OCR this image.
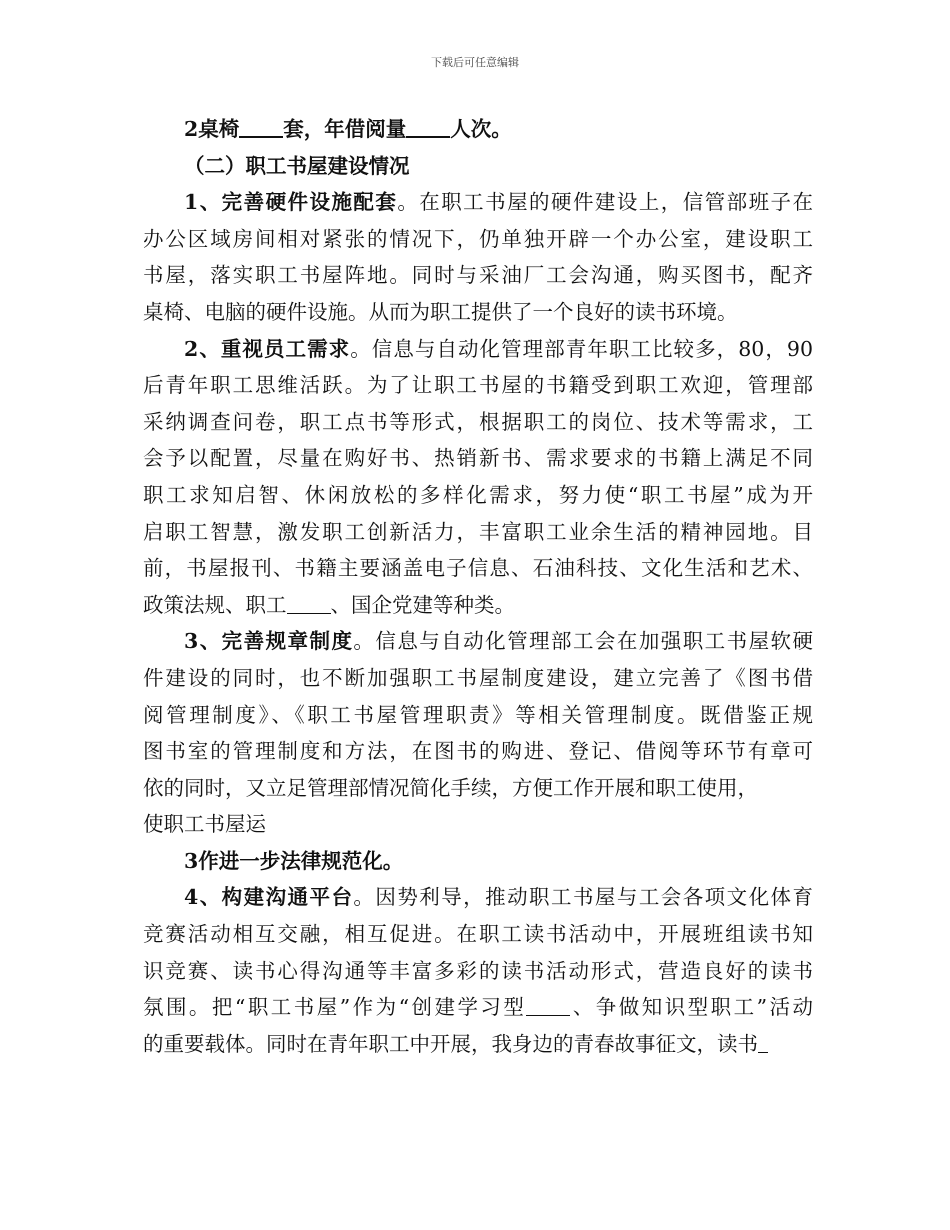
下载后可任意编辑
2桌椅 套，年借阅量 人次。
（二）职工书屋建设情况
1、完善硬件设施配套。在职工书屋的硬件建设上，信管部班子在
办公区域房间相对紧张的情况下，仍单独开辟一个办公室，建设职工
书屋，落实职工书屋阵地。同时与采油厂工会沟通，购买图书，配齐
桌椅、电脑的硬件设施。从而为职工提供了一个良好的读书环境。
2、重视员工需求。信息与自动化管理部青年职工比较多，80，90
后青年职工思维活跃。为了让职工书屋的书籍受到职工欢迎，管理部
采纳调查问卷，职工点书等形式，根据职工的岗位、技术等需求，工
会予以配置，尽量在购好书、热销新书、需求要求的书籍上满足不同
职工求知启智、休闲放松的多样化需求，努力使“职工书屋”成为开
启职工智慧，激发职工创新活力，丰富职工业余生活的精神园地。目
前，书屋报刊、书籍主要涵盖电子信息、石油科技、文化生活和艺术、
政策法规、职工 、国企党建等种类。
3、完善规章制度。信息与自动化管理部工会在加强职工书屋软硬
件建设的同时，也不断加强职工书屋制度建设，建立完善了《图书借
阅管理制度》、《职工书屋管理职责》等相关管理制度。既借鉴正规
图书室的管理制度和方法，在图书的购进、登记、借阅等环节有章可
依的同时，又立足管理部情况简化手续，方便工作开展和职工使用，
使职工书屋运
3作进一步法律规范化。
4、构建沟通平台。因势利导，推动职工书屋与工会各项文化体育
竞赛活动相互交融，相互促进。在职工读书活动中，开展班组读书知
识竞赛、读书心得沟通等丰富多彩的读书活动形式，营造良好的读书
氛围。把“职工书屋”作为“创建学习型 、争做知识型职工”活动
的重要载体。同时在青年职工中开展，我身边的青春故事征文，读书
